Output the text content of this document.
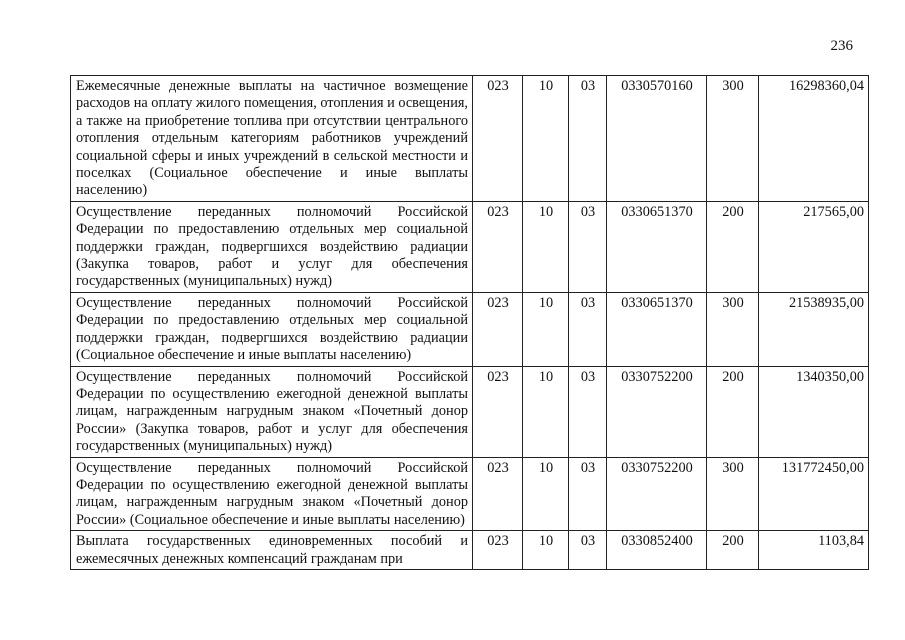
236
Ежемесячные денежные выплаты на частичное возмещение расходов на оплату жилого помещения, отопления и освещения, а также на приобретение топлива при отсутствии центрального отопления отдельным категориям работников учреждений социальной сферы и иных учреждений в сельской местности и поселках (Социальное обеспечение и иные выплаты населению)	023	10	03	0330570160	300	16298360,04
Осуществление переданных полномочий Российской Федерации по предоставлению отдельных мер социальной поддержки граждан, подвергшихся воздействию радиации (Закупка товаров, работ и услуг для обеспечения государственных (муниципальных) нужд)	023	10	03	0330651370	200	217565,00
Осуществление переданных полномочий Российской Федерации по предоставлению отдельных мер социальной поддержки граждан, подвергшихся воздействию радиации (Социальное обеспечение и иные выплаты населению)	023	10	03	0330651370	300	21538935,00
Осуществление переданных полномочий Российской Федерации по осуществлению ежегодной денежной выплаты лицам, награжденным нагрудным знаком «Почетный донор России» (Закупка товаров, работ и услуг для обеспечения государственных (муниципальных) нужд)	023	10	03	0330752200	200	1340350,00
Осуществление переданных полномочий Российской Федерации по осуществлению ежегодной денежной выплаты лицам, награжденным нагрудным знаком «Почетный донор России» (Социальное обеспечение и иные выплаты населению)	023	10	03	0330752200	300	131772450,00
Выплата государственных единовременных пособий и ежемесячных денежных компенсаций гражданам при	023	10	03	0330852400	200	1103,84
